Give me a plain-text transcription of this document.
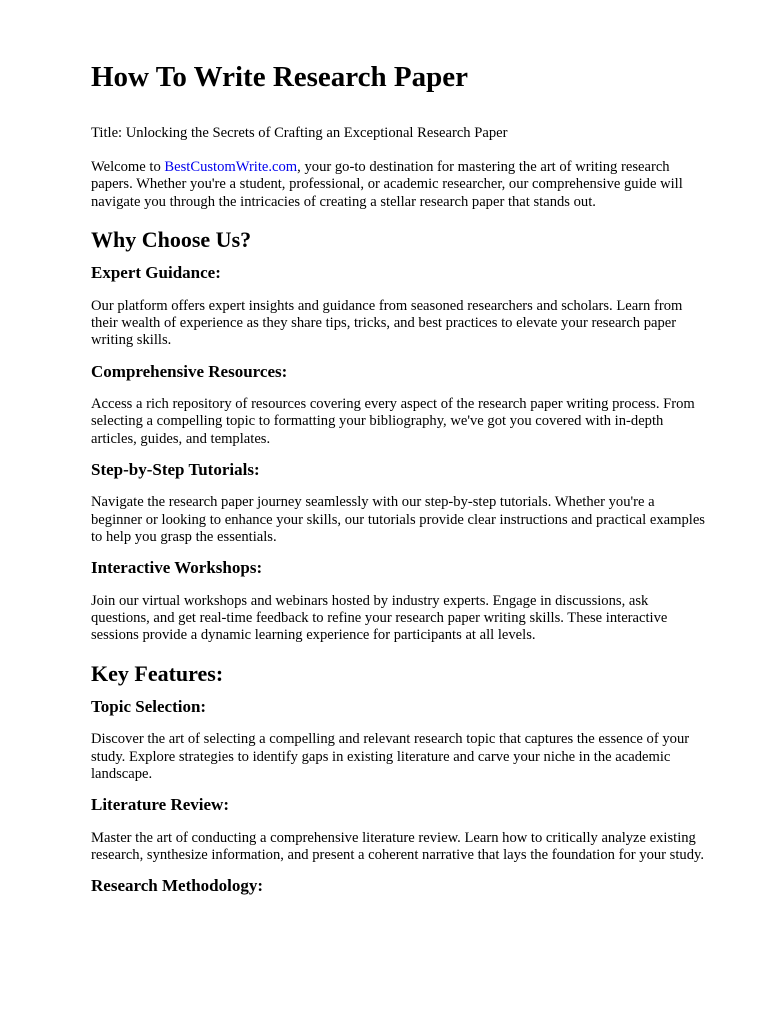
How To Write Research Paper

Title: Unlocking the Secrets of Crafting an Exceptional Research Paper

Welcome to BestCustomWrite.com, your go-to destination for mastering the art of writing research papers. Whether you're a student, professional, or academic researcher, our comprehensive guide will navigate you through the intricacies of creating a stellar research paper that stands out.

Why Choose Us?
Expert Guidance:

Our platform offers expert insights and guidance from seasoned researchers and scholars. Learn from their wealth of experience as they share tips, tricks, and best practices to elevate your research paper writing skills.

Comprehensive Resources:

Access a rich repository of resources covering every aspect of the research paper writing process. From selecting a compelling topic to formatting your bibliography, we've got you covered with in-depth articles, guides, and templates.

Step-by-Step Tutorials:

Navigate the research paper journey seamlessly with our step-by-step tutorials. Whether you're a beginner or looking to enhance your skills, our tutorials provide clear instructions and practical examples to help you grasp the essentials.

Interactive Workshops:

Join our virtual workshops and webinars hosted by industry experts. Engage in discussions, ask questions, and get real-time feedback to refine your research paper writing skills. These interactive sessions provide a dynamic learning experience for participants at all levels.

Key Features:
Topic Selection:

Discover the art of selecting a compelling and relevant research topic that captures the essence of your study. Explore strategies to identify gaps in existing literature and carve your niche in the academic landscape.

Literature Review:

Master the art of conducting a comprehensive literature review. Learn how to critically analyze existing research, synthesize information, and present a coherent narrative that lays the foundation for your study.

Research Methodology:
